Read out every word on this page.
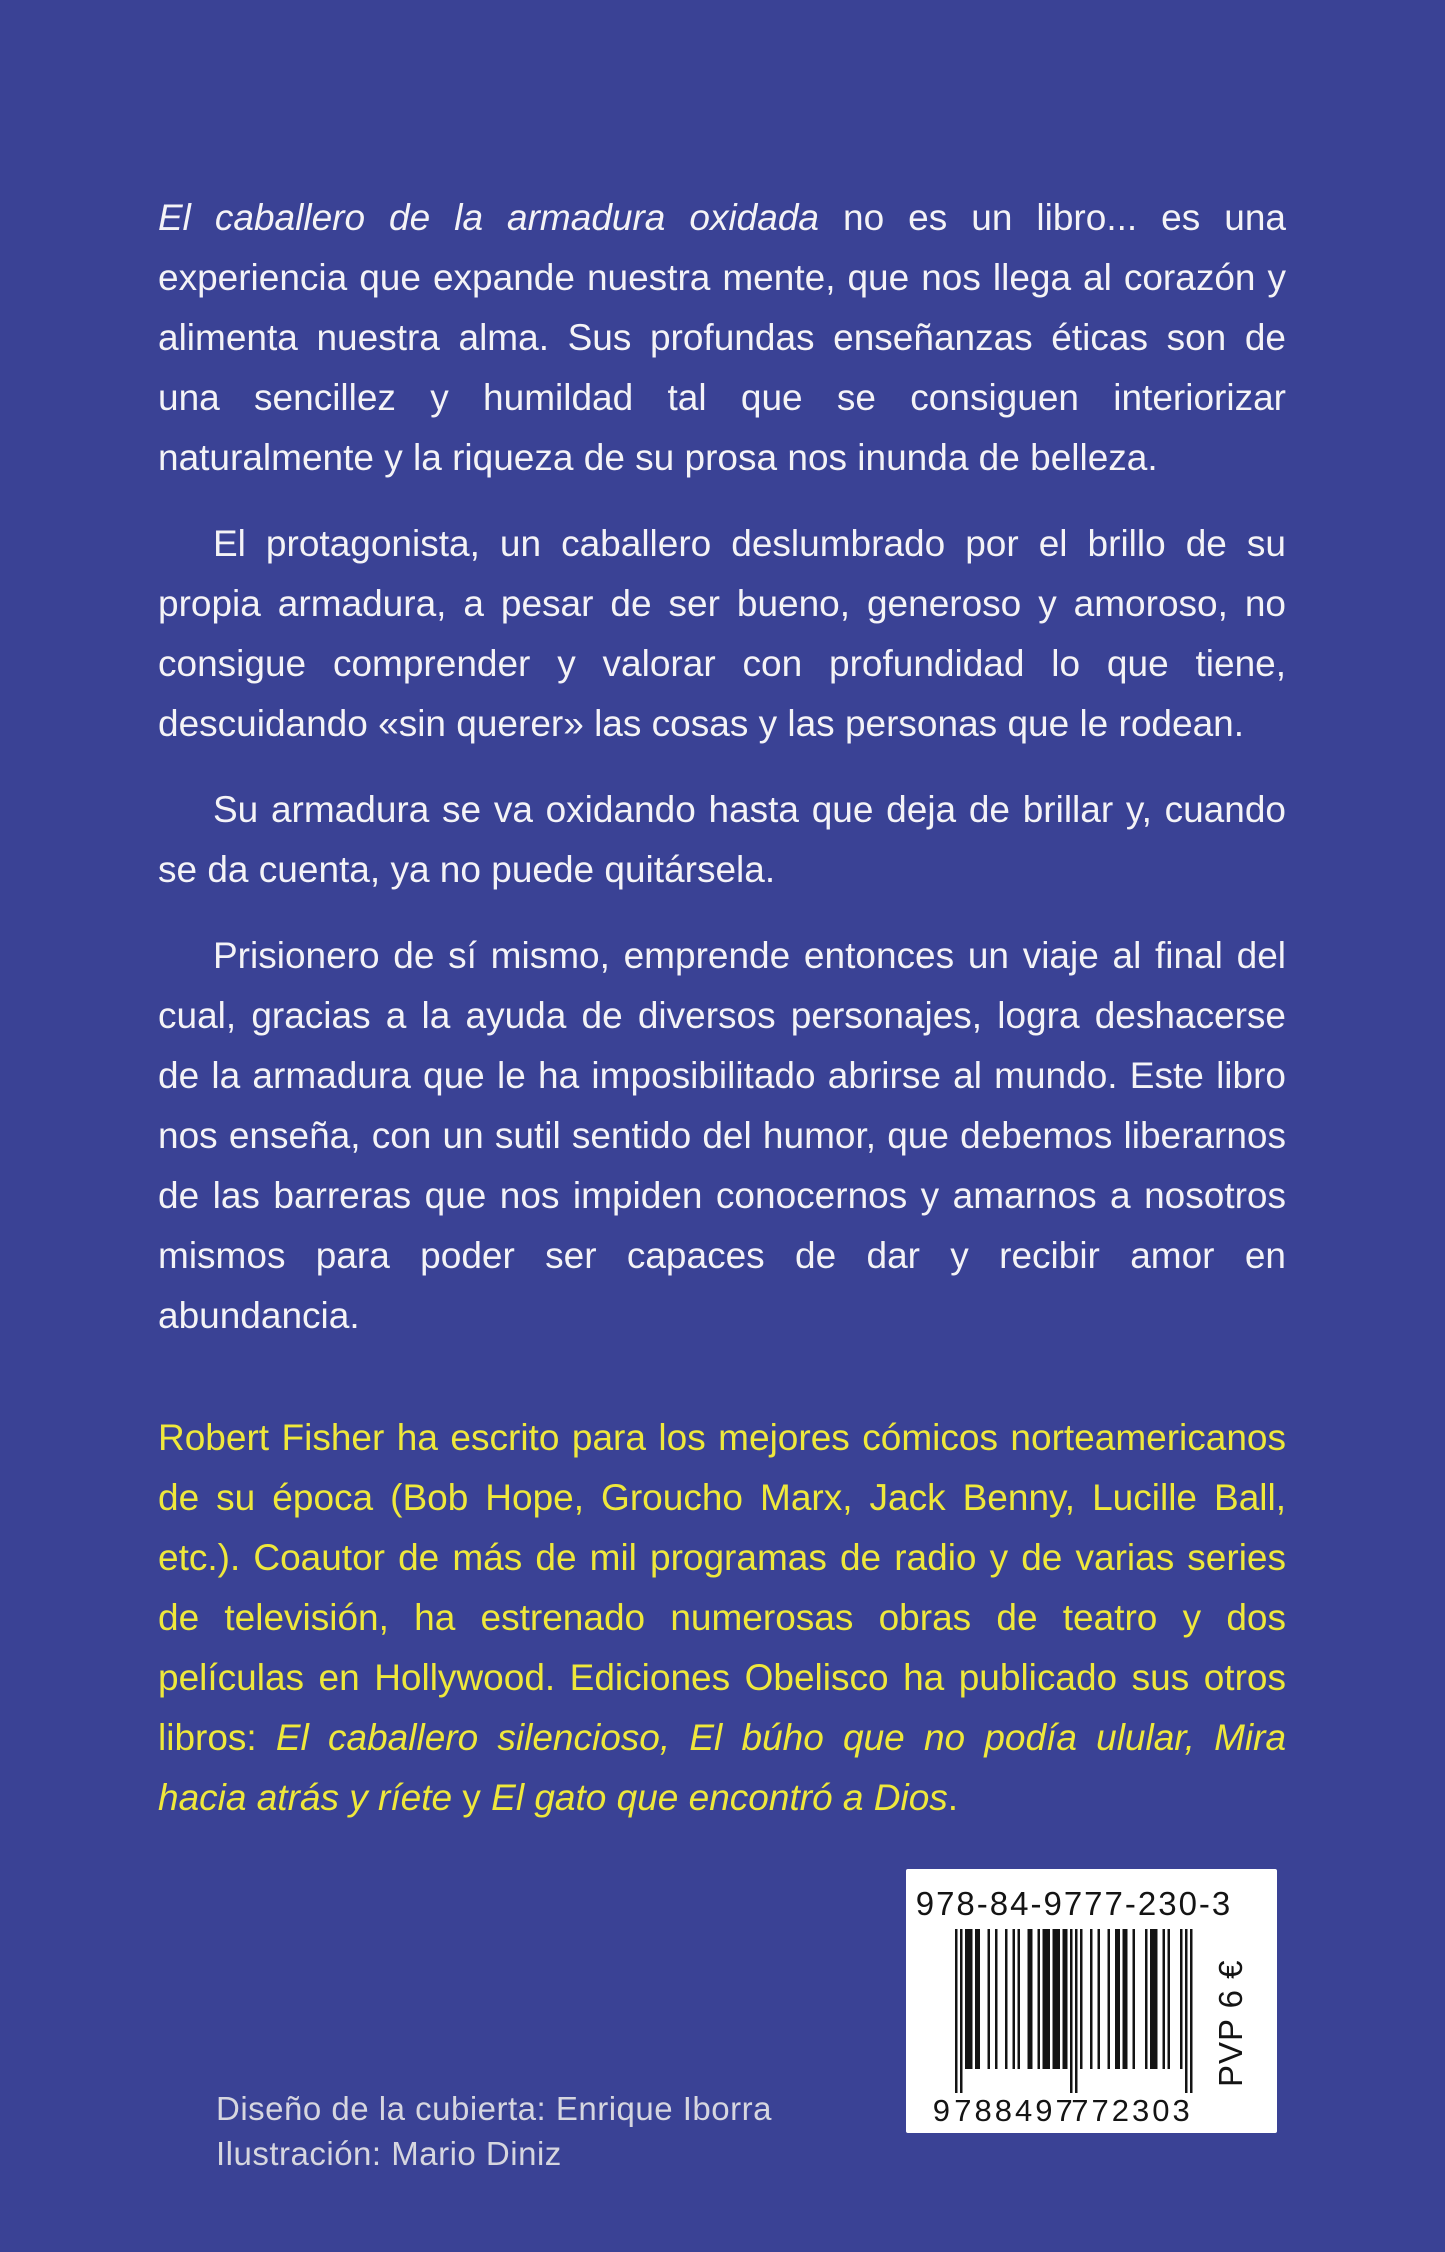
El caballero de la armadura oxidada no es un libro... es una experiencia que expande nuestra mente, que nos llega al corazón y alimenta nuestra alma. Sus profundas enseñanzas éticas son de una sencillez y humildad tal que se consiguen interiorizar naturalmente y la riqueza de su prosa nos inunda de belleza.

El protagonista, un caballero deslumbrado por el brillo de su propia armadura, a pesar de ser bueno, generoso y amoroso, no consigue comprender y valorar con profundidad lo que tiene, descuidando «sin querer» las cosas y las personas que le rodean.

Su armadura se va oxidando hasta que deja de brillar y, cuando se da cuenta, ya no puede quitársela.

Prisionero de sí mismo, emprende entonces un viaje al final del cual, gracias a la ayuda de diversos personajes, logra deshacerse de la armadura que le ha imposibilitado abrirse al mundo. Este libro nos enseña, con un sutil sentido del humor, que debemos liberarnos de las barreras que nos impiden conocernos y amarnos a nosotros mismos para poder ser capaces de dar y recibir amor en abundancia.

Robert Fisher ha escrito para los mejores cómicos norteamericanos de su época (Bob Hope, Groucho Marx, Jack Benny, Lucille Ball, etc.). Coautor de más de mil programas de radio y de varias series de televisión, ha estrenado numerosas obras de teatro y dos películas en Hollywood. Ediciones Obelisco ha publicado sus otros libros: El caballero silencioso, El búho que no podía ulular, Mira hacia atrás y ríete y El gato que encontró a Dios.
Diseño de la cubierta: Enrique Iborra
Ilustración: Mario Diniz
978-84-9777-230-3
9 788497
772303
PVP 6 €
